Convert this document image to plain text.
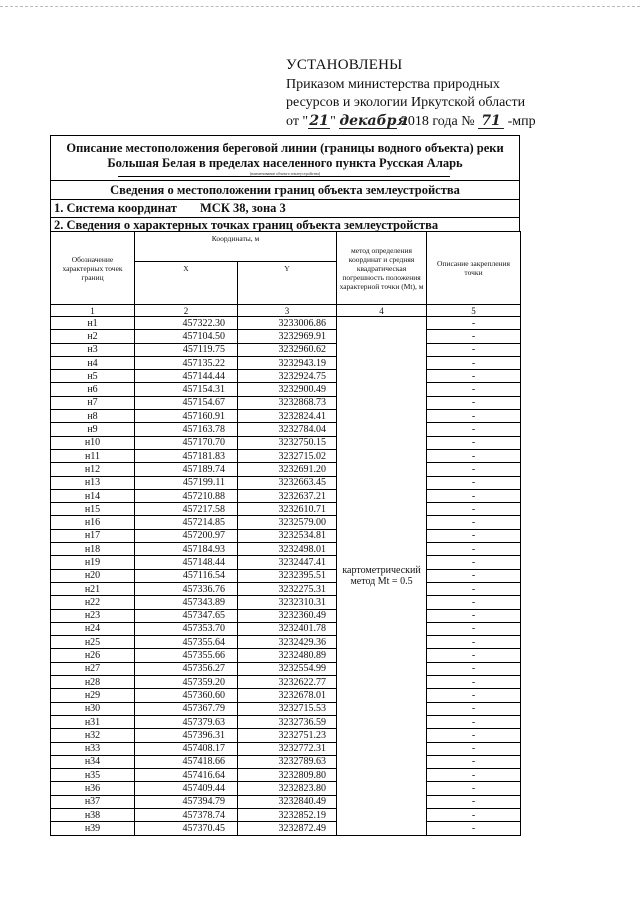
УСТАНОВЛЕНЫ
Приказом министерства природных
ресурсов и экологии Иркутской области
от "21" декабря 2018 года № 71 -мпр
Описание местоположения береговой линии (границы водного объекта) реки
Большая Белая в пределах населенного пункта Русская Аларь
(наименование объекта землеустройства)
Сведения о местоположении границ объекта землеустройства
1. Система координат МСК 38, зона 3
2. Сведения о характерных точках границ объекта землеустройства
Обозначение характерных точек границ	Координаты, м		метод определения координат и средняя квадратическая погрешность положения характерной точки (Mt), м	Описание закрепления точки
	X	Y		
1	2	3	4	5
н1	457322.30	3233006.86	картометрический метод Mt = 0.5	-
н2	457104.50	3232969.91		-
н3	457119.75	3232960.62		-
н4	457135.22	3232943.19		-
н5	457144.44	3232924.75		-
н6	457154.31	3232900.49		-
н7	457154.67	3232868.73		-
н8	457160.91	3232824.41		-
н9	457163.78	3232784.04		-
н10	457170.70	3232750.15		-
н11	457181.83	3232715.02		-
н12	457189.74	3232691.20		-
н13	457199.11	3232663.45		-
н14	457210.88	3232637.21		-
н15	457217.58	3232610.71		-
н16	457214.85	3232579.00		-
н17	457200.97	3232534.81		-
н18	457184.93	3232498.01		-
н19	457148.44	3232447.41		-
н20	457116.54	3232395.51		-
н21	457336.76	3232275.31		-
н22	457343.89	3232310.31		-
н23	457347.65	3232360.49		-
н24	457353.70	3232401.78		-
н25	457355.64	3232429.36		-
н26	457355.66	3232480.89		-
н27	457356.27	3232554.99		-
н28	457359.20	3232622.77		-
н29	457360.60	3232678.01		-
н30	457367.79	3232715.53		-
н31	457379.63	3232736.59		-
н32	457396.31	3232751.23		-
н33	457408.17	3232772.31		-
н34	457418.66	3232789.63		-
н35	457416.64	3232809.80		-
н36	457409.44	3232823.80		-
н37	457394.79	3232840.49		-
н38	457378.74	3232852.19		-
н39	457370.45	3232872.49		-
